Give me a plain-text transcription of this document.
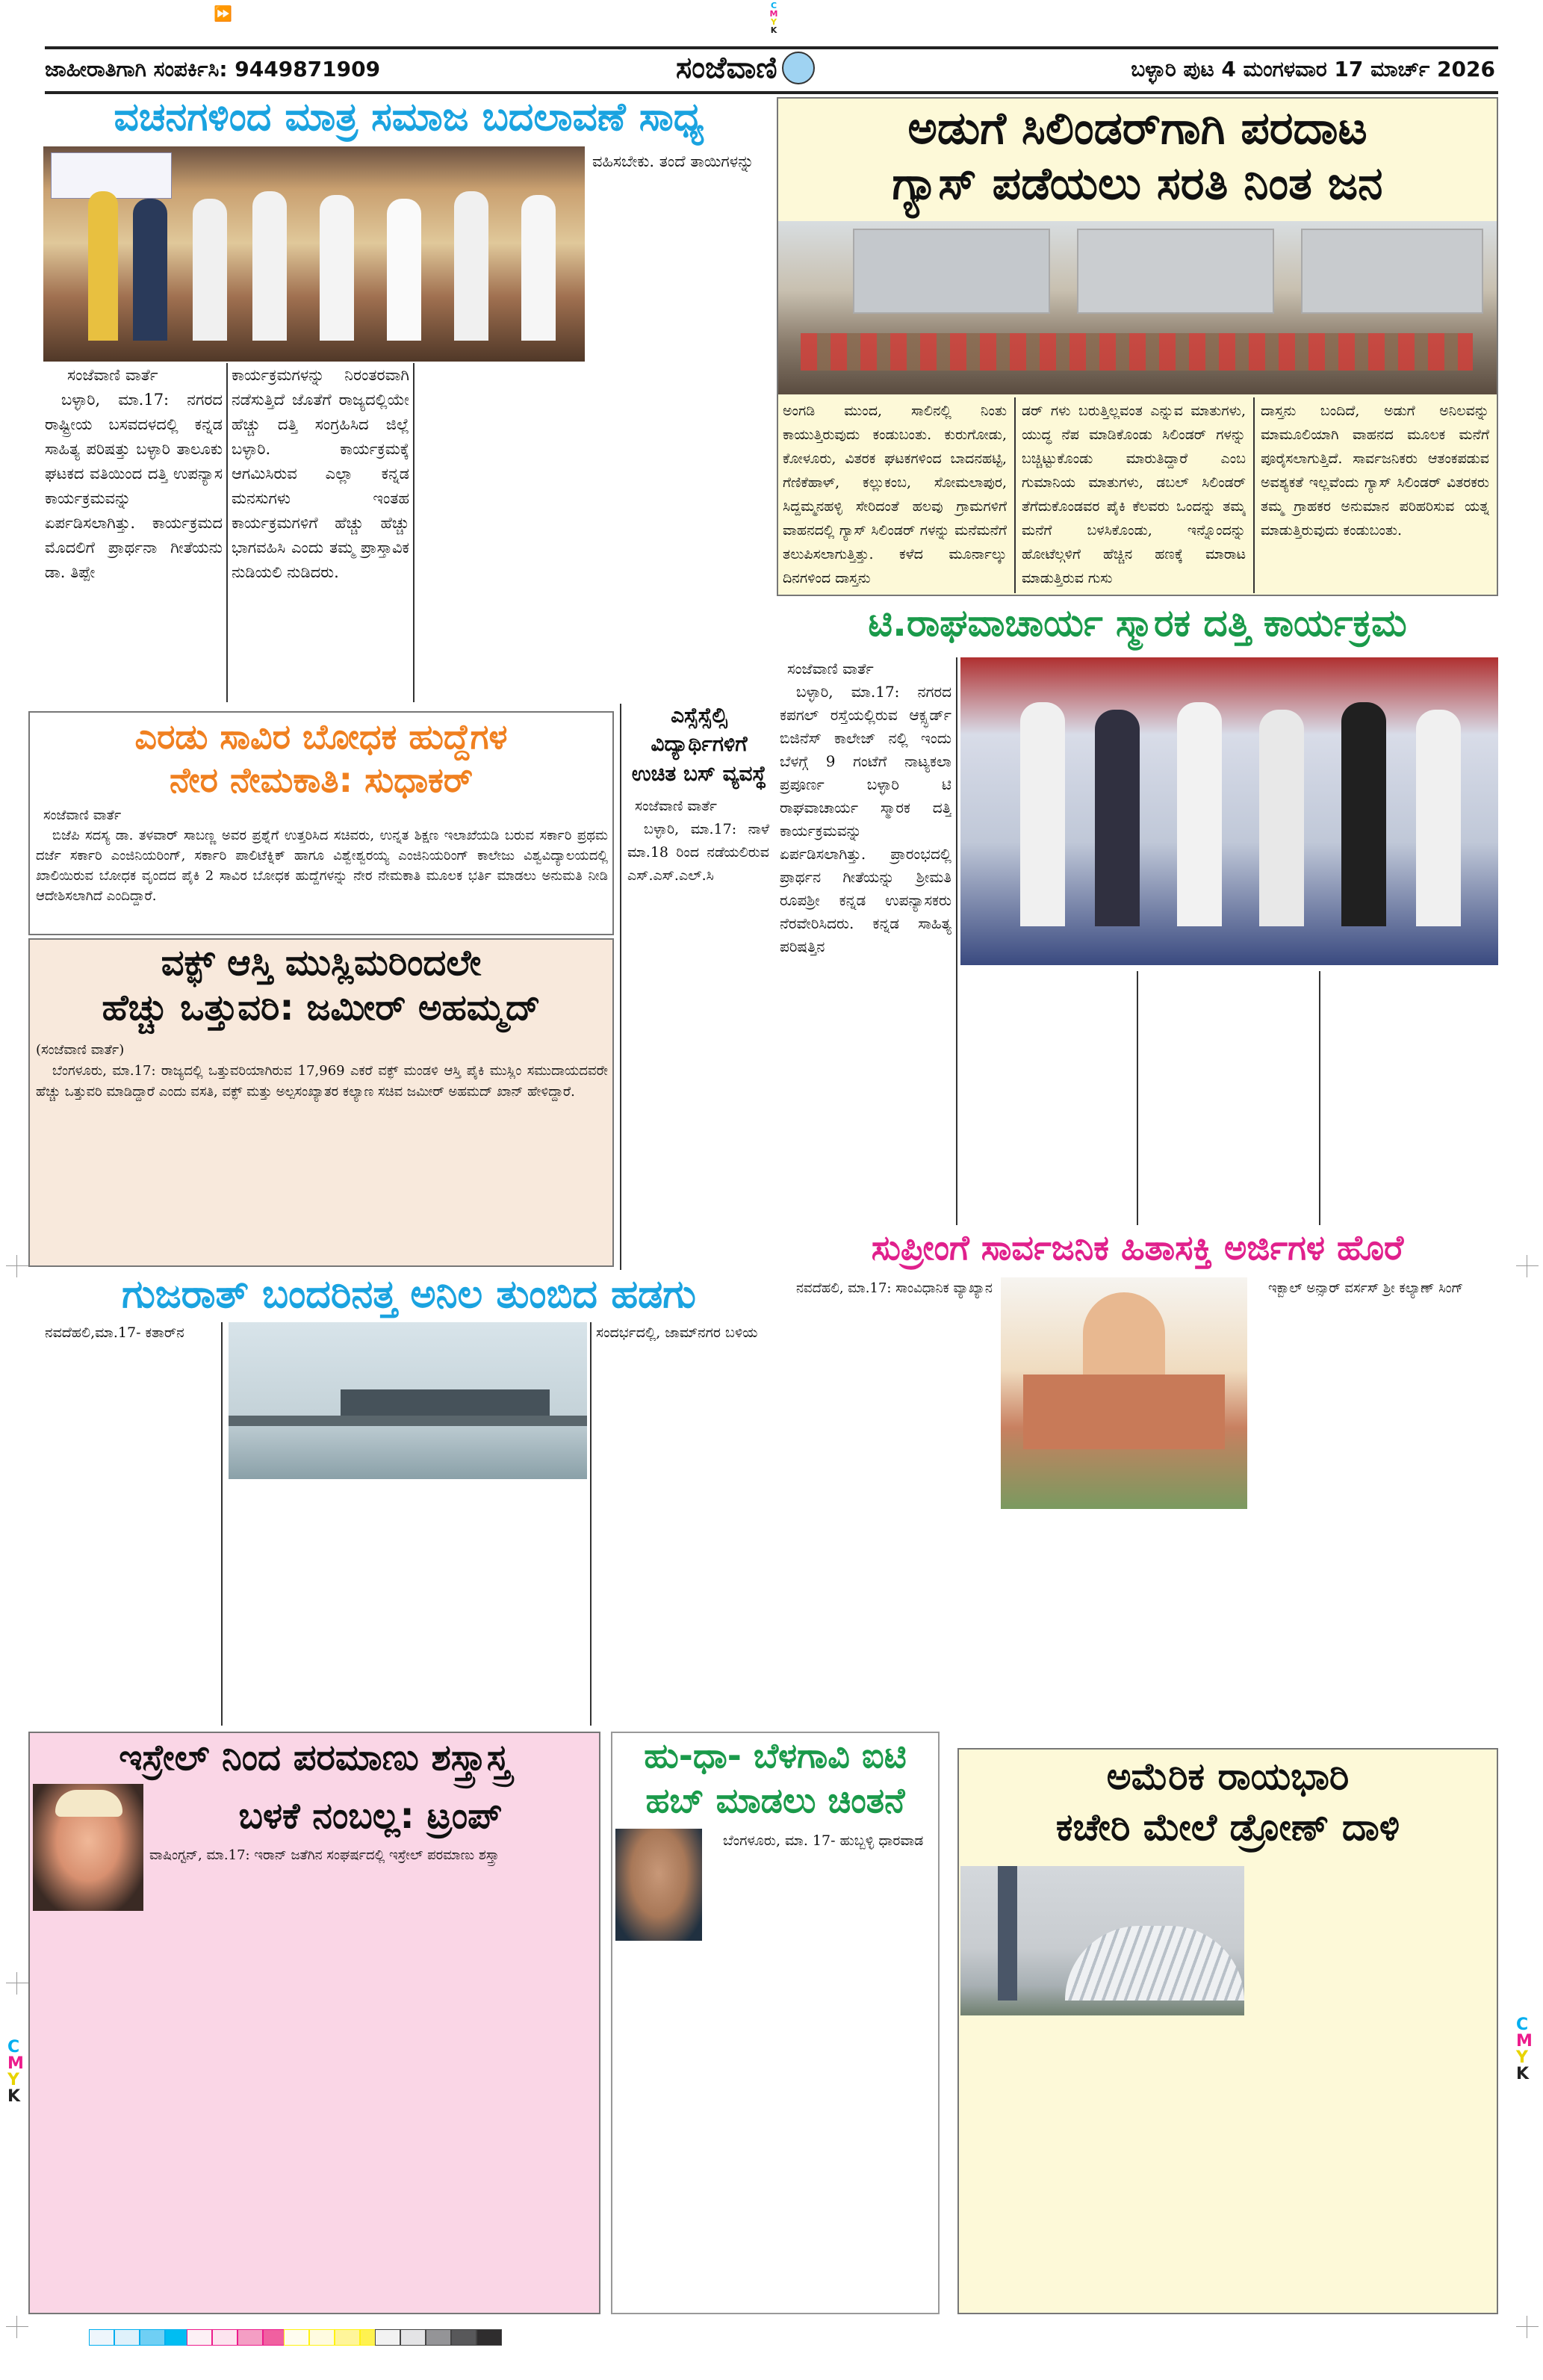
⏩	C
M
Y
K
ಜಾಹೀರಾತಿಗಾಗಿ ಸಂಪರ್ಕಿಸಿ: 9449871909	ಸಂಜೆವಾಣಿ	ಬಳ್ಳಾರಿ ಪುಟ 4 ಮಂಗಳವಾರ 17 ಮಾರ್ಚ್ 2026
ವಚನಗಳಿಂದ ಮಾತ್ರ ಸಮಾಜ ಬದಲಾವಣೆ ಸಾಧ್ಯ

ಸಂಜೆವಾಣಿ ವಾರ್ತೆ

ಬಳ್ಳಾರಿ, ಮಾ.17: ನಗರದ ರಾಷ್ಟ್ರೀಯ ಬಸವದಳದಲ್ಲಿ ಕನ್ನಡ ಸಾಹಿತ್ಯ ಪರಿಷತ್ತು ಬಳ್ಳಾರಿ ತಾಲೂಕು ಘಟಕದ ವತಿಯಿಂದ ದತ್ತಿ ಉಪನ್ಯಾಸ ಕಾರ್ಯಕ್ರಮವನ್ನು ಏರ್ಪಡಿಸಲಾಗಿತ್ತು. ಕಾರ್ಯಕ್ರಮದ ಮೊದಲಿಗೆ ಪ್ರಾರ್ಥನಾ ಗೀತೆಯನು ಡಾ. ತಿಪ್ಪೇ

ಕಾರ್ಯಕ್ರಮಗಳನ್ನು ನಿರಂತರವಾಗಿ ನಡೆಸುತ್ತಿದೆ ಜೊತೆಗೆ ರಾಜ್ಯದಲ್ಲಿಯೇ ಹೆಚ್ಚು ದತ್ತಿ ಸಂಗ್ರಹಿಸಿದ ಜಿಲ್ಲೆ ಬಳ್ಳಾರಿ. ಕಾರ್ಯಕ್ರಮಕ್ಕೆ ಆಗಮಿಸಿರುವ ಎಲ್ಲಾ ಕನ್ನಡ ಮನಸುಗಳು ಇಂತಹ ಕಾರ್ಯಕ್ರಮಗಳಿಗೆ ಹೆಚ್ಚು ಹೆಚ್ಚು ಭಾಗವಹಿಸಿ ಎಂದು ತಮ್ಮ ಪ್ರಾಸ್ತಾವಿಕ ನುಡಿಯಲಿ ನುಡಿದರು.

ವಹಿಸಬೇಕು. ತಂದೆ ತಾಯಿಗಳನ್ನು

ಅಡುಗೆ ಸಿಲಿಂಡರ್‌ಗಾಗಿ ಪರದಾಟ
ಗ್ಯಾಸ್ ಪಡೆಯಲು ಸರತಿ ನಿಂತ ಜನ

ಅಂಗಡಿ ಮುಂದ, ಸಾಲಿನಲ್ಲಿ ನಿಂತು ಕಾಯುತ್ತಿರುವುದು ಕಂಡುಬಂತು. ಕುರುಗೋಡು, ಕೋಳೂರು, ವಿತರಕ ಘಟಕಗಳಿಂದ ಬಾದನಹಟ್ಟಿ, ಗೆಣಿಕೆಹಾಳ್, ಕಲ್ಲುಕಂಬ, ಸೋಮಲಾಪುರ, ಸಿದ್ದಮ್ಮನಹಳ್ಳಿ ಸೇರಿದಂತೆ ಹಲವು ಗ್ರಾಮಗಳಿಗೆ ವಾಹನದಲ್ಲಿ ಗ್ಯಾಸ್ ಸಿಲಿಂಡರ್ ಗಳನ್ನು ಮನೆಮನೆಗೆ ತಲುಪಿಸಲಾಗುತ್ತಿತ್ತು. ಕಳೆದ ಮೂರ್ನಾಲ್ಕು ದಿನಗಳಿಂದ ದಾಸ್ತನು

ಡರ್ ಗಳು ಬರುತ್ತಿಲ್ಲವಂತ ಎನ್ನುವ ಮಾತುಗಳು, ಯುದ್ಧ ನೆಪ ಮಾಡಿಕೊಂಡು ಸಿಲಿಂಡರ್ ಗಳನ್ನು ಬಚ್ಚಿಟ್ಟುಕೊಂಡು ಮಾರುತಿದ್ದಾರೆ ಎಂಬ ಗುಮಾನಿಯ ಮಾತುಗಳು, ಡಬಲ್ ಸಿಲಿಂಡರ್ ತೆಗೆದುಕೊಂಡವರ ಪೈಕಿ ಕೆಲವರು ಒಂದನ್ನು ತಮ್ಮ ಮನೆಗೆ ಬಳಸಿಕೊಂಡು, ಇನ್ನೊಂದನ್ನು ಹೋಟೆಲ್ಗಳಿಗೆ ಹೆಚ್ಚಿನ ಹಣಕ್ಕೆ ಮಾರಾಟ ಮಾಡುತ್ತಿರುವ ಗುಸು

ದಾಸ್ತನು ಬಂದಿದೆ, ಅಡುಗೆ ಅನಿಲವನ್ನು ಮಾಮೂಲಿಯಾಗಿ ವಾಹನದ ಮೂಲಕ ಮನೆಗೆ ಪೂರೈಸಲಾಗುತ್ತಿದೆ. ಸಾರ್ವಜನಿಕರು ಆತಂಕಪಡುವ ಅವಶ್ಯಕತೆ ಇಲ್ಲವೆಂದು ಗ್ಯಾಸ್ ಸಿಲಿಂಡರ್ ವಿತರಕರು ತಮ್ಮ ಗ್ರಾಹಕರ ಅನುಮಾನ ಪರಿಹರಿಸುವ ಯತ್ನ ಮಾಡುತ್ತಿರುವುದು ಕಂಡುಬಂತು.

ಎರಡು ಸಾವಿರ ಬೋಧಕ ಹುದ್ದೆಗಳ
ನೇರ ನೇಮಕಾತಿ: ಸುಧಾಕರ್

ಸಂಜೆವಾಣಿ ವಾರ್ತೆ

ಬಿಜೆಪಿ ಸದಸ್ಯ ಡಾ. ತಳವಾರ್ ಸಾಬಣ್ಣ ಅವರ ಪ್ರಶ್ನೆಗೆ ಉತ್ತರಿಸಿದ ಸಚಿವರು, ಉನ್ನತ ಶಿಕ್ಷಣ ಇಲಾಖೆಯಡಿ ಬರುವ ಸರ್ಕಾರಿ ಪ್ರಥಮ ದರ್ಜೆ ಸರ್ಕಾರಿ ಎಂಜಿನಿಯರಿಂಗ್, ಸರ್ಕಾರಿ ಪಾಲಿಟೆಕ್ನಿಕ್ ಹಾಗೂ ವಿಶ್ವೇಶ್ವರಯ್ಯ ಎಂಜಿನಿಯರಿಂಗ್ ಕಾಲೇಜು ವಿಶ್ವವಿದ್ಯಾಲಯದಲ್ಲಿ ಖಾಲಿಯಿರುವ ಬೋಧಕ ವೃಂದದ ಪೈಕಿ 2 ಸಾವಿರ ಬೋಧಕ ಹುದ್ದೆಗಳನ್ನು ನೇರ ನೇಮಕಾತಿ ಮೂಲಕ ಭರ್ತಿ ಮಾಡಲು ಅನುಮತಿ ನೀಡಿ ಆದೇಶಿಸಲಾಗಿದೆ ಎಂದಿದ್ದಾರೆ.

ವಕ್ಫ್ ಆಸ್ತಿ ಮುಸ್ಲಿಮರಿಂದಲೇ
ಹೆಚ್ಚು ಒತ್ತುವರಿ: ಜಮೀರ್ ಅಹಮ್ಮದ್

(ಸಂಜೆವಾಣಿ ವಾರ್ತೆ)

ಬೆಂಗಳೂರು, ಮಾ.17: ರಾಜ್ಯದಲ್ಲಿ ಒತ್ತುವರಿಯಾಗಿರುವ 17,969 ಎಕರೆ ವಕ್ಫ್ ಮಂಡಳಿ ಆಸ್ತಿ ಪೈಕಿ ಮುಸ್ಲಿಂ ಸಮುದಾಯದವರೇ ಹೆಚ್ಚು ಒತ್ತುವರಿ ಮಾಡಿದ್ದಾರೆ ಎಂದು ವಸತಿ, ವಕ್ಫ್ ಮತ್ತು ಅಲ್ಪಸಂಖ್ಯಾತರ ಕಲ್ಯಾಣ ಸಚಿವ ಜಮೀರ್ ಅಹಮದ್ ಖಾನ್ ಹೇಳಿದ್ದಾರೆ.

ಎಸ್ಸೆಸ್ಸೆಲ್ಸಿ
ವಿದ್ಯಾರ್ಥಿಗಳಿಗೆ
ಉಚಿತ ಬಸ್ ವ್ಯವಸ್ಥೆ

ಸಂಜೆವಾಣಿ ವಾರ್ತೆ

ಬಳ್ಳಾರಿ, ಮಾ.17: ನಾಳೆ ಮಾ.18 ರಿಂದ ನಡೆಯಲಿರುವ ಎಸ್.ಎಸ್.ಎಲ್.ಸಿ

ಟಿ.ರಾಘವಾಚಾರ್ಯ ಸ್ಮಾರಕ ದತ್ತಿ ಕಾರ್ಯಕ್ರಮ

ಸಂಜೆವಾಣಿ ವಾರ್ತೆ

ಬಳ್ಳಾರಿ, ಮಾ.17: ನಗರದ ಕಪಗಲ್ ರಸ್ತೆಯಲ್ಲಿರುವ ಆಕ್ಸ್ಫರ್ಡ್ ಬಿಜಿನೆಸ್ ಕಾಲೇಜ್ ನಲ್ಲಿ ಇಂದು ಬೆಳಗ್ಗೆ 9 ಗಂಟೆಗೆ ನಾಟ್ಯಕಲಾ ಪ್ರಪೂರ್ಣ ಬಳ್ಳಾರಿ ಟಿ ರಾಘವಾಚಾರ್ಯ ಸ್ಮಾರಕ ದತ್ತಿ ಕಾರ್ಯಕ್ರಮವನ್ನು ಏರ್ಪಡಿಸಲಾಗಿತ್ತು. ಪ್ರಾರಂಭದಲ್ಲಿ ಪ್ರಾರ್ಥನ ಗೀತೆಯನ್ನು ಶ್ರೀಮತಿ ರೂಪಶ್ರೀ ಕನ್ನಡ ಉಪನ್ಯಾಸಕರು ನೆರವೇರಿಸಿದರು. ಕನ್ನಡ ಸಾಹಿತ್ಯ ಪರಿಷತ್ತಿನ

ಸುಪ್ರೀಂಗೆ ಸಾರ್ವಜನಿಕ ಹಿತಾಸಕ್ತಿ ಅರ್ಜಿಗಳ ಹೊರೆ

ನವದೆಹಲಿ, ಮಾ.17: ಸಾಂವಿಧಾನಿಕ ವ್ಯಾಖ್ಯಾನ	ಇಕ್ಬಾಲ್ ಅನ್ಸಾರ್ ವರ್ಸಸ್ ಶ್ರೀ ಕಲ್ಯಾಣ್ ಸಿಂಗ್

ಗುಜರಾತ್ ಬಂದರಿನತ್ತ ಅನಿಲ ತುಂಬಿದ ಹಡಗು

ನವದೆಹಲಿ,ಮಾ.17- ಕತಾರ್‌ನ	ಸಂದರ್ಭದಲ್ಲಿ, ಜಾಮ್‌ನಗರ ಬಳಿಯ

ಇಸ್ರೇಲ್ ನಿಂದ ಪರಮಾಣು ಶಸ್ತ್ರಾಸ್ತ್ರ
ಬಳಕೆ ನಂಬಲ್ಲ: ಟ್ರಂಪ್

ವಾಷಿಂಗ್ಟನ್, ಮಾ.17: ಇರಾನ್ ಜತೆಗಿನ ಸಂಘರ್ಷದಲ್ಲಿ ಇಸ್ರೇಲ್ ಪರಮಾಣು ಶಸ್ತ್ರಾ

ಹು-ಧಾ- ಬೆಳಗಾವಿ ಐಟಿ
ಹಬ್ ಮಾಡಲು ಚಿಂತನೆ

ಬೆಂಗಳೂರು, ಮಾ. 17- ಹುಬ್ಬಳ್ಳಿ ಧಾರವಾಡ

ಅಮೆರಿಕ ರಾಯಭಾರಿ
ಕಚೇರಿ ಮೇಲೆ ಡ್ರೋಣ್ ದಾಳಿ
C
M
Y
K
C
M
Y
K
